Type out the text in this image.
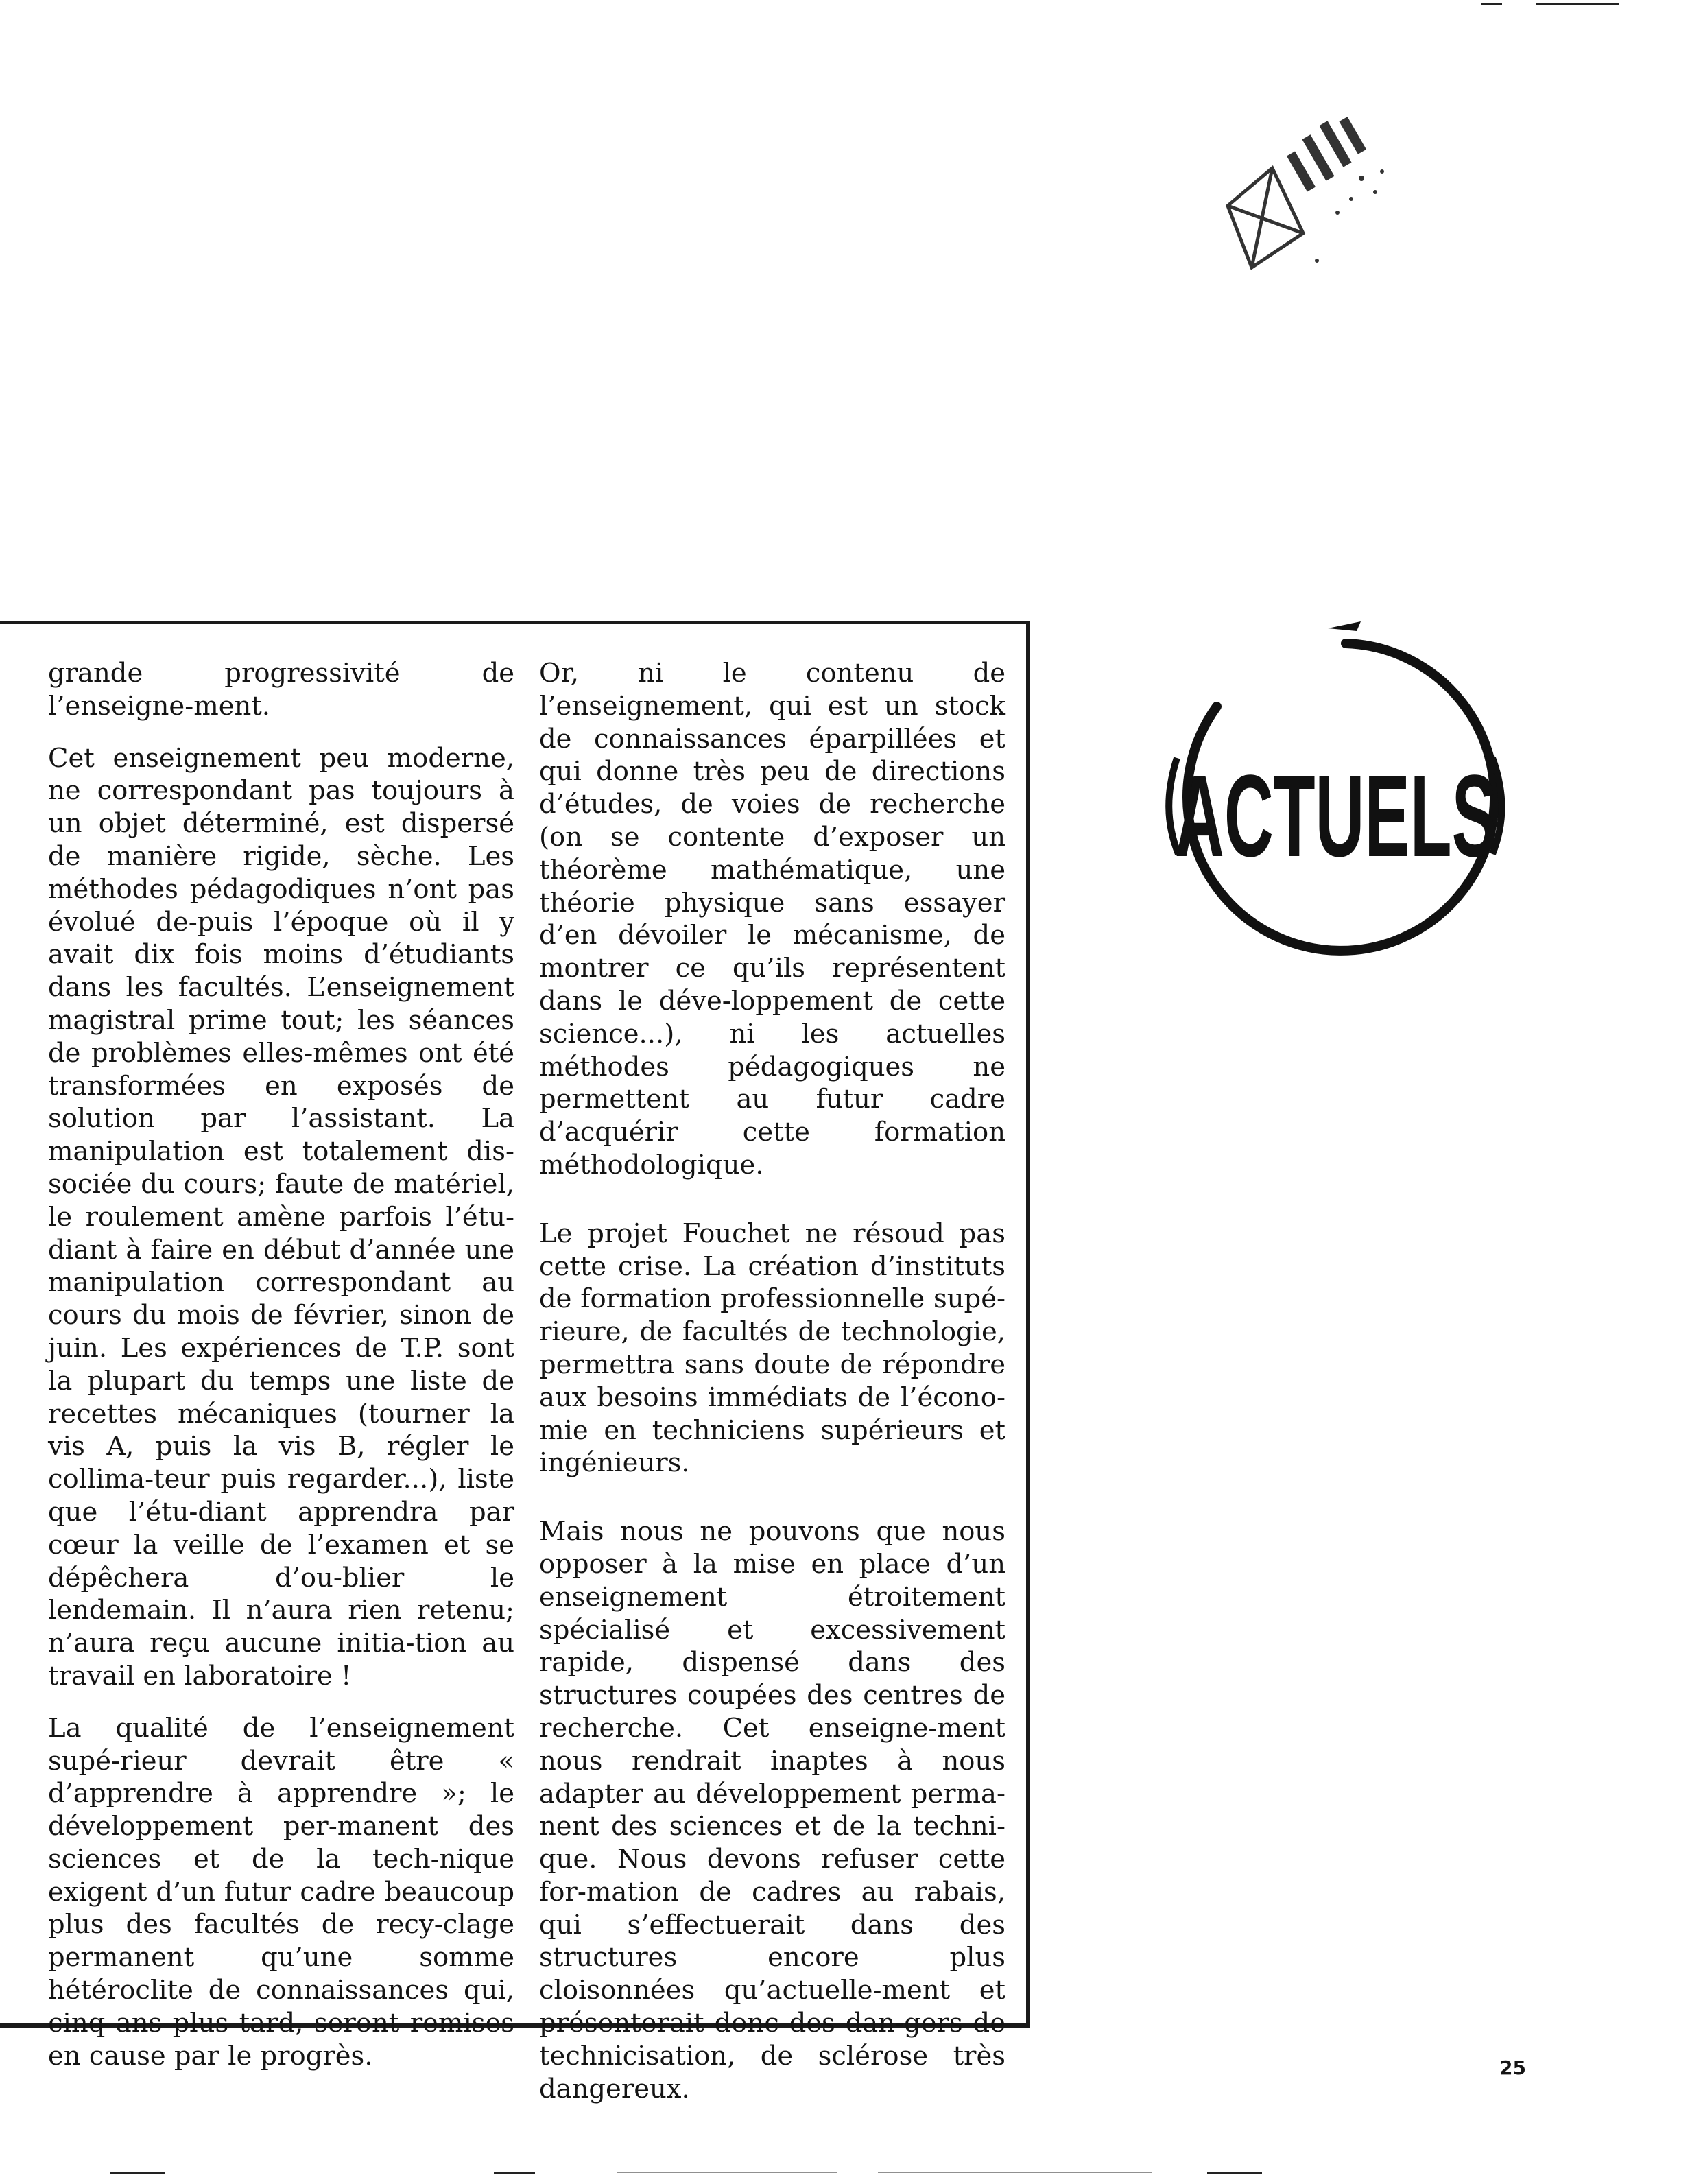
ACTUELS

grande progressivité de l’enseigne-ment.

Cet enseignement peu moderne, ne correspondant pas toujours à un objet déterminé, est dispersé de manière rigide, sèche. Les méthodes pédagodiques n’ont pas évolué de-puis l’époque où il y avait dix fois moins d’étudiants dans les facultés. L’enseignement magistral prime tout; les séances de problèmes elles-mêmes ont été transformées en exposés de solution par l’assistant. La manipulation est totalement dis-sociée du cours; faute de matériel, le roulement amène parfois l’étu-diant à faire en début d’année une manipulation correspondant au cours du mois de février, sinon de juin. Les expériences de T.P. sont la plupart du temps une liste de recettes mécaniques (tourner la vis A, puis la vis B, régler le collima-teur puis regarder...), liste que l’étu-diant apprendra par cœur la veille de l’examen et se dépêchera d’ou-blier le lendemain. Il n’aura rien retenu; n’aura reçu aucune initia-tion au travail en laboratoire !

La qualité de l’enseignement supé-rieur devrait être « d’apprendre à apprendre »; le développement per-manent des sciences et de la tech-nique exigent d’un futur cadre beaucoup plus des facultés de recy-clage permanent qu’une somme hétéroclite de connaissances qui, cinq ans plus tard, seront remises en cause par le progrès.

Or, ni le contenu de l’enseignement, qui est un stock de connaissances éparpillées et qui donne très peu de directions d’études, de voies de recherche (on se contente d’exposer un théorème mathématique, une théorie physique sans essayer d’en dévoiler le mécanisme, de montrer ce qu’ils représentent dans le déve-loppement de cette science...), ni les actuelles méthodes pédagogiques ne permettent au futur cadre d’acquérir cette formation méthodologique.

Le projet Fouchet ne résoud pas cette crise. La création d’instituts de formation professionnelle supé-rieure, de facultés de technologie, permettra sans doute de répondre aux besoins immédiats de l’écono-mie en techniciens supérieurs et ingénieurs.

Mais nous ne pouvons que nous opposer à la mise en place d’un enseignement étroitement spécialisé et excessivement rapide, dispensé dans des structures coupées des centres de recherche. Cet enseigne-ment nous rendrait inaptes à nous adapter au développement perma-nent des sciences et de la techni-que. Nous devons refuser cette for-mation de cadres au rabais, qui s’effectuerait dans des structures encore plus cloisonnées qu’actuelle-ment et présenterait donc des dan-gers de technicisation, de sclérose très dangereux.

25
